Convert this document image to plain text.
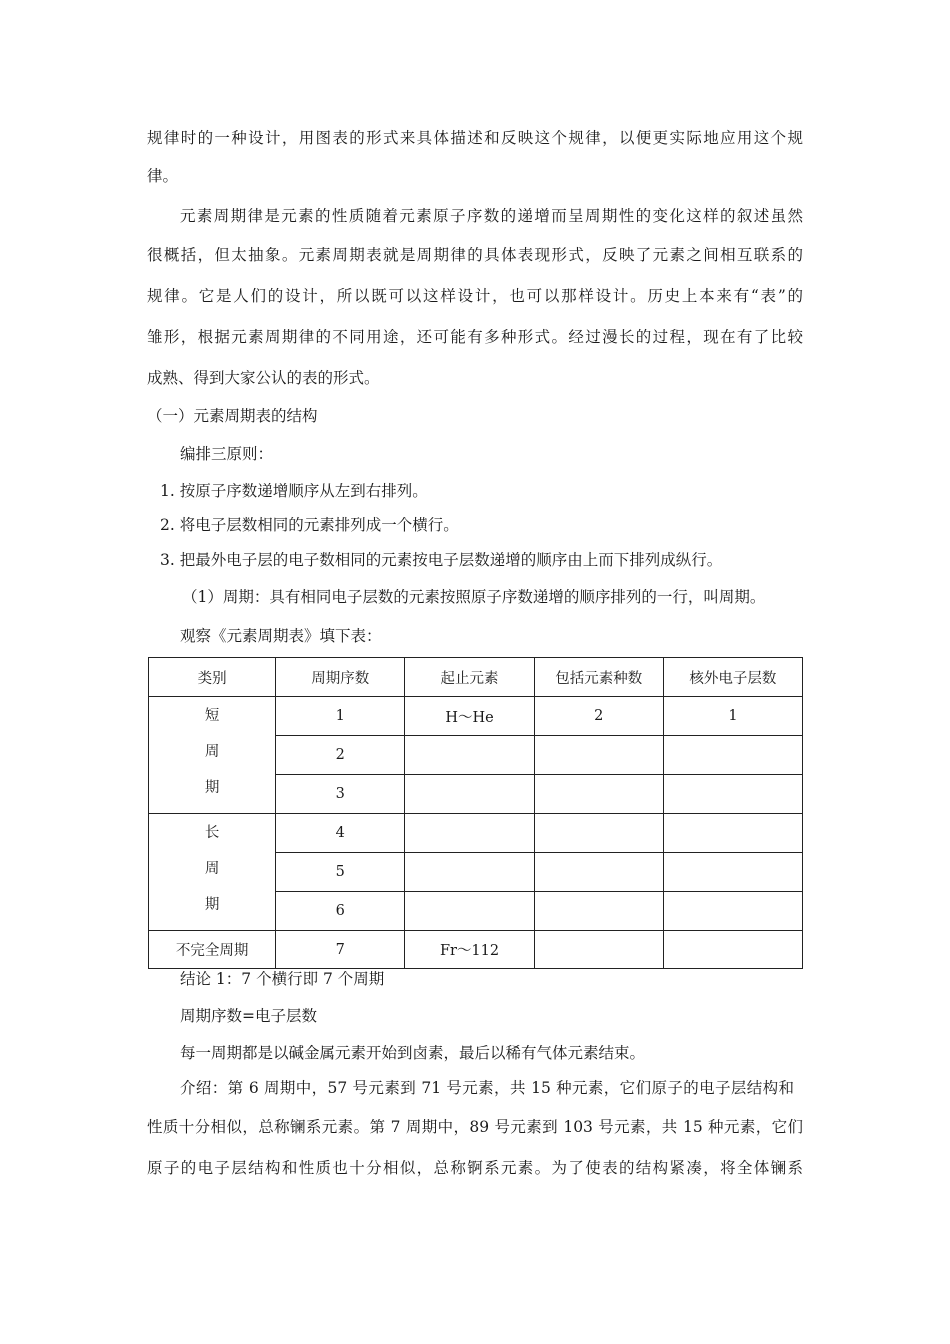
规律时的一种设计，用图表的形式来具体描述和反映这个规律，以便更实际地应用这个规
律。
元素周期律是元素的性质随着元素原子序数的递增而呈周期性的变化这样的叙述虽然
很概括，但太抽象。元素周期表就是周期律的具体表现形式，反映了元素之间相互联系的
规律。它是人们的设计，所以既可以这样设计，也可以那样设计。历史上本来有“表”的
雏形，根据元素周期律的不同用途，还可能有多种形式。经过漫长的过程，现在有了比较
成熟、得到大家公认的表的形式。
（一）元素周期表的结构
编排三原则：
1. 按原子序数递增顺序从左到右排列。
2. 将电子层数相同的元素排列成一个横行。
3. 把最外电子层的电子数相同的元素按电子层数递增的顺序由上而下排列成纵行。
（1）周期：具有相同电子层数的元素按照原子序数递增的顺序排列的一行，叫周期。
观察《元素周期表》填下表：
类别	周期序数	起止元素	包括元素种数	核外电子层数

短
周
期	1	H～He	2	1
	2			
	3			

长
周
期	4			
	5			
	6			
不完全周期	7	Fr～112		
结论 1：7 个横行即 7 个周期
周期序数=电子层数
每一周期都是以碱金属元素开始到卤素，最后以稀有气体元素结束。
介绍：第 6 周期中，57 号元素到 71 号元素，共 15 种元素，它们原子的电子层结构和
性质十分相似，总称镧系元素。第 7 周期中，89 号元素到 103 号元素，共 15 种元素，它们
原子的电子层结构和性质也十分相似，总称锕系元素。为了使表的结构紧凑，将全体镧系
